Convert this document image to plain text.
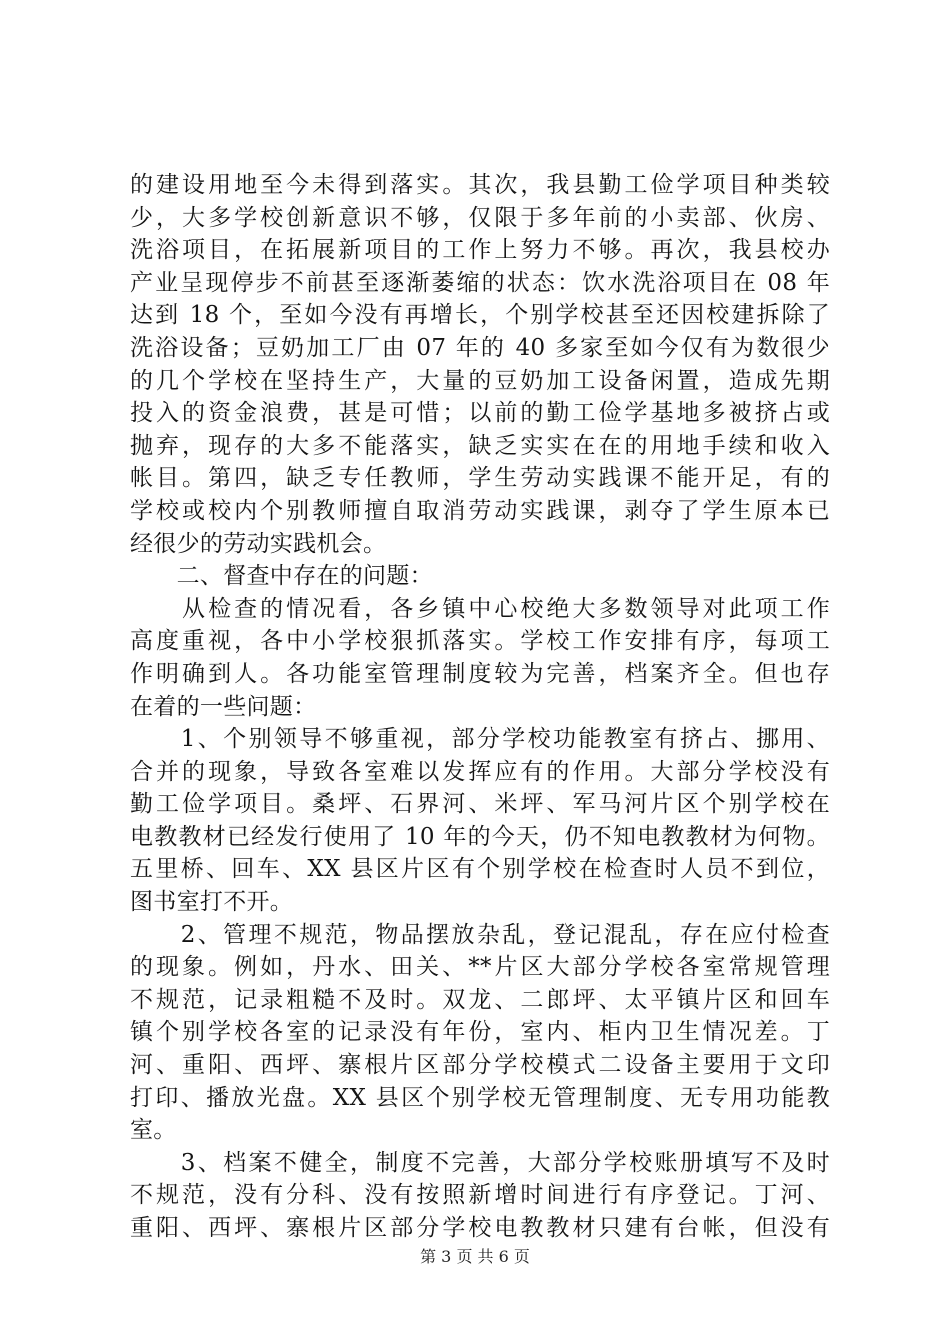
的建设用地至今未得到落实。其次，我县勤工俭学项目种类较
少，大多学校创新意识不够，仅限于多年前的小卖部、伙房、
洗浴项目，在拓展新项目的工作上努力不够。再次，我县校办
产业呈现停步不前甚至逐渐萎缩的状态：饮水洗浴项目在 08 年
达到 18 个，至如今没有再增长，个别学校甚至还因校建拆除了
洗浴设备；豆奶加工厂由 07 年的 40 多家至如今仅有为数很少
的几个学校在坚持生产，大量的豆奶加工设备闲置，造成先期
投入的资金浪费，甚是可惜；以前的勤工俭学基地多被挤占或
抛弃，现存的大多不能落实，缺乏实实在在的用地手续和收入
帐目。第四，缺乏专任教师，学生劳动实践课不能开足，有的
学校或校内个别教师擅自取消劳动实践课，剥夺了学生原本已
经很少的劳动实践机会。
　　二、督查中存在的问题：
　　从检查的情况看，各乡镇中心校绝大多数领导对此项工作
高度重视，各中小学校狠抓落实。学校工作安排有序，每项工
作明确到人。各功能室管理制度较为完善，档案齐全。但也存
在着的一些问题：
　　1、个别领导不够重视，部分学校功能教室有挤占、挪用、
合并的现象，导致各室难以发挥应有的作用。大部分学校没有
勤工俭学项目。桑坪、石界河、米坪、军马河片区个别学校在
电教教材已经发行使用了 10 年的今天，仍不知电教教材为何物。
五里桥、回车、XX 县区片区有个别学校在检查时人员不到位，
图书室打不开。
　　2、管理不规范，物品摆放杂乱，登记混乱，存在应付检查
的现象。例如，丹水、田关、**片区大部分学校各室常规管理
不规范，记录粗糙不及时。双龙、二郎坪、太平镇片区和回车
镇个别学校各室的记录没有年份，室内、柜内卫生情况差。丁
河、重阳、西坪、寨根片区部分学校模式二设备主要用于文印
打印、播放光盘。XX 县区个别学校无管理制度、无专用功能教
室。
　　3、档案不健全，制度不完善，大部分学校账册填写不及时
不规范，没有分科、没有按照新增时间进行有序登记。丁河、
重阳、西坪、寨根片区部分学校电教教材只建有台帐，但没有
第 3 页 共 6 页
